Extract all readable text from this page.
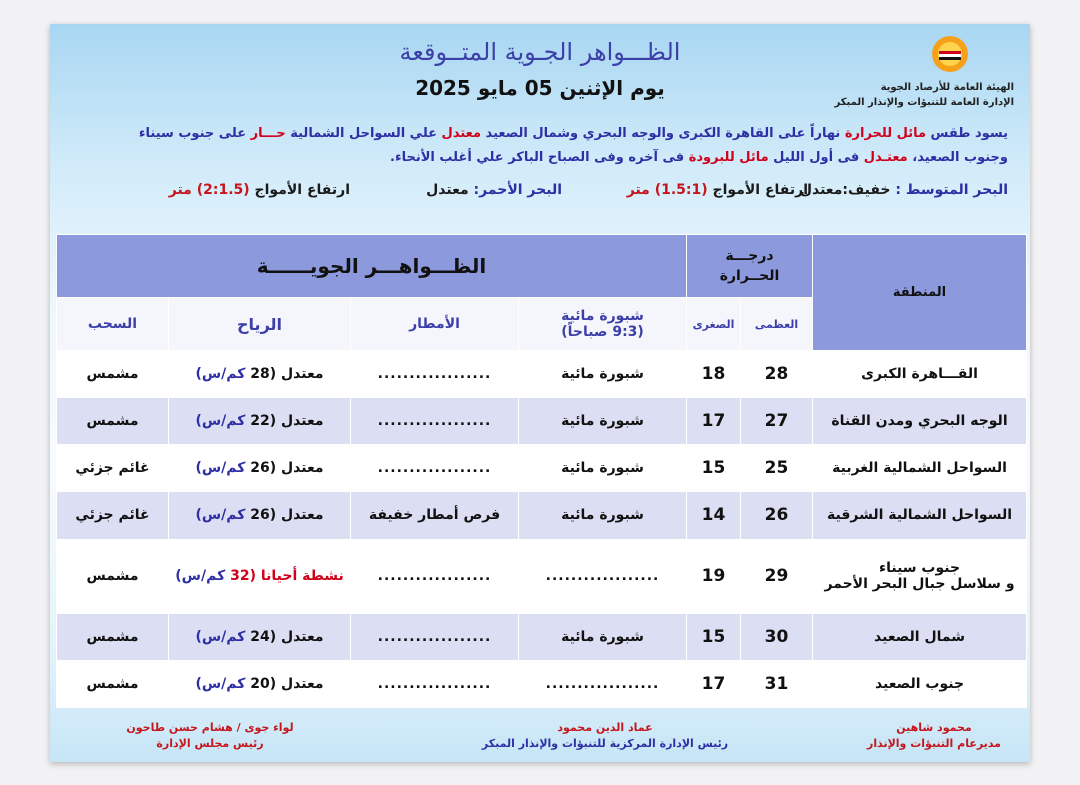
الهيئة العامة للأرصاد الجوية
الإدارة العامة للتنبؤات والإنذار المبكر
الظـــواهر الجـوية المتــوقعة
يوم الإثنين 05 مايو 2025
يسود طقس مائل للحرارة نهاراً على القاهرة الكبرى والوجه البحري وشمال الصعيد معتدل علي السواحل الشمالية حـــار على جنوب سيناء وجنوب الصعيد، معتـدل فى أول الليل مائل للبرودة فى آخره وفى الصباح الباكر علي أغلب الأنحاء.
البحر المتوسط : خفيف:معتدل
ارتفاع الأمواج (1.5:1) متر
البحر الأحمر: معتدل
ارتفاع الأمواج (2:1.5) متر
المنطقة	درجـــة
الحــرارة		الظـــواهـــر الجويــــــة			
	العظمى	الصغرى	شبورة مائية
(9:3 صباحاً)	الأمطار	الرياح	السحب
القـــاهرة الكبرى	28	18	شبورة مائية	..................	معتدل (28 كم/س)	مشمس
الوجه البحري ومدن القناة	27	17	شبورة مائية	..................	معتدل (22 كم/س)	مشمس
السواحل الشمالية الغربية	25	15	شبورة مائية	..................	معتدل (26 كم/س)	غائم جزئي
السواحل الشمالية الشرقية	26	14	شبورة مائية	فرص أمطار خفيفة	معتدل (26 كم/س)	غائم جزئي

جنوب سيناء
و سلاسل جبال البحر الأحمر	29	19	..................	..................	نشطة أحيانا (32 كم/س)	مشمس
شمال الصعيد	30	15	شبورة مائية	..................	معتدل (24 كم/س)	مشمس
جنوب الصعيد	31	17	..................	..................	معتدل (20 كم/س)	مشمس
محمود شاهين
مديرعام التنبؤات والإنذار
عماد الدين محمود
رئيس الإدارة المركزية للتنبؤات والإنذار المبكر
لواء جوى / هشام حسن طاحون
رئيس مجلس الإدارة
